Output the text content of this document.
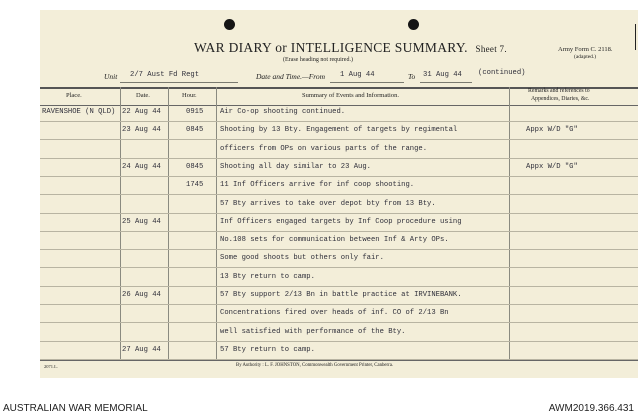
WAR DIARY or INTELLIGENCE SUMMARY. Sheet 7.
(Erase heading not required.)
Army Form C. 2118.
(adapted.)
Unit 2/7 Aust Fd Regt	Date and Time.—From 1 Aug 44	To 31 Aug 44 (continued)
Place.	Date.	Hour.	Summary of Events and Information.
Remarks and references to
Appendices, Diaries, &c.
RAVENSHOE (N QLD) 22 Aug 44	0915 Air Co-op shooting continued.
23 Aug 44	0845 Shooting by 13 Bty. Engagement of targets by regimental	Appx W/D "G"
officers from OPs on various parts of the range.
24 Aug 44	0845 Shooting all day similar to 23 Aug.	Appx W/D "G"
1745 11 Inf Officers arrive for inf coop shooting.
57 Bty arrives to take over depot bty from 13 Bty.
25 Aug 44	Inf Officers engaged targets by Inf Coop procedure using
No.108 sets for communication between Inf & Arty OPs.
Some good shoots but others only fair.
13 Bty return to camp.
26 Aug 44	57 Bty support 2/13 Bn in battle practice at IRVINEBANK.
Concentrations fired over heads of inf. CO of 2/13 Bn
well satisfied with performance of the Bty.
27 Aug 44	57 Bty return to camp.
2071.L.	By Authority : L. F. JOHNSTON, Commonwealth Government Printer, Canberra.
AUSTRALIAN WAR MEMORIAL	AWM2019.366.431
